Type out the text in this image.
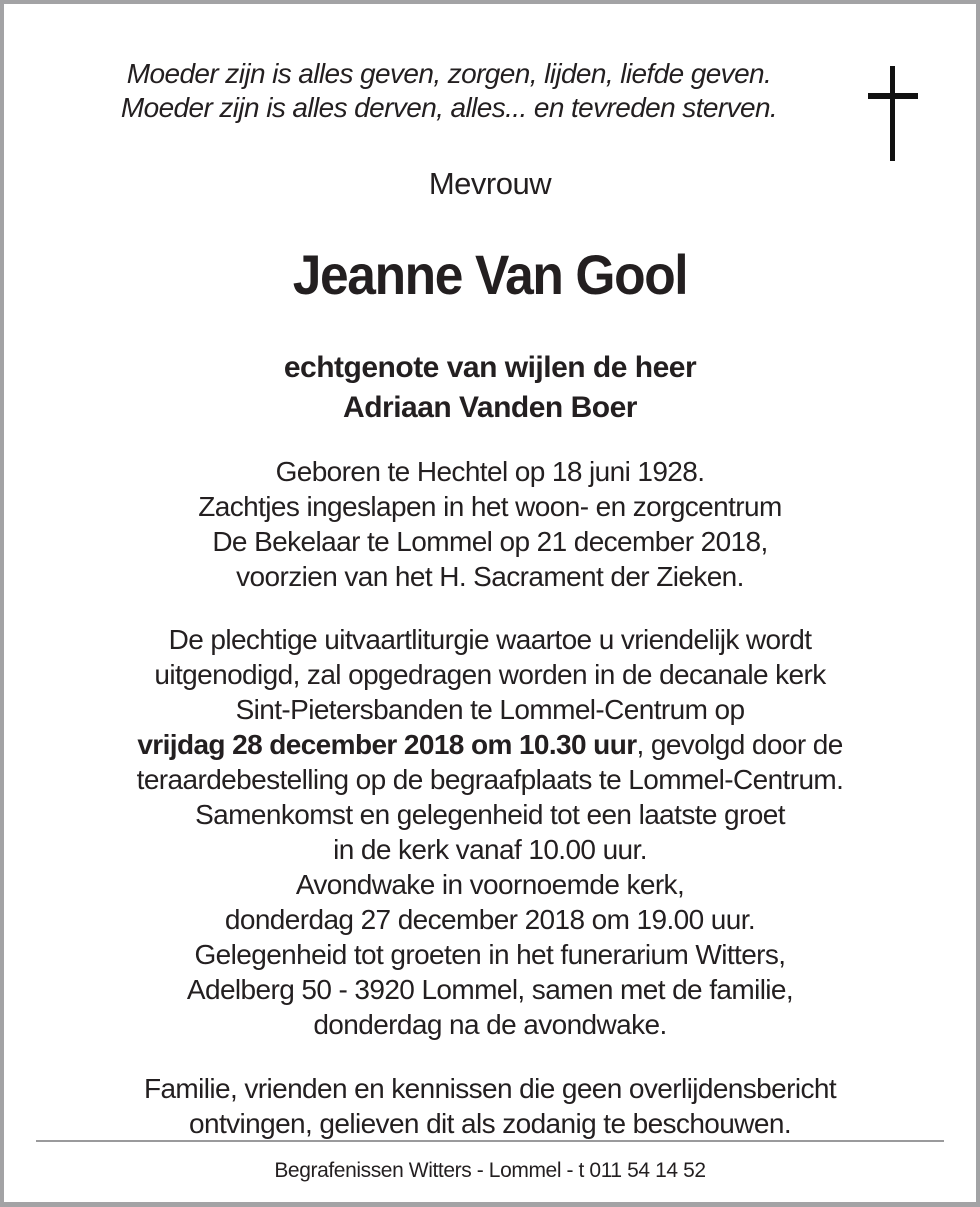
Moeder zijn is alles geven, zorgen, lijden, liefde geven.
Moeder zijn is alles derven, alles... en tevreden sterven.
Mevrouw
Jeanne Van Gool
echtgenote van wijlen de heer
Adriaan Vanden Boer
Geboren te Hechtel op 18 juni 1928.
Zachtjes ingeslapen in het woon- en zorgcentrum
De Bekelaar te Lommel op 21 december 2018,
voorzien van het H. Sacrament der Zieken.
De plechtige uitvaartliturgie waartoe u vriendelijk wordt
uitgenodigd, zal opgedragen worden in de decanale kerk
Sint-Pietersbanden te Lommel-Centrum op
vrijdag 28 december 2018 om 10.30 uur, gevolgd door de
teraardebestelling op de begraafplaats te Lommel-Centrum.
Samenkomst en gelegenheid tot een laatste groet
in de kerk vanaf 10.00 uur.
Avondwake in voornoemde kerk,
donderdag 27 december 2018 om 19.00 uur.
Gelegenheid tot groeten in het funerarium Witters,
Adelberg 50 - 3920 Lommel, samen met de familie,
donderdag na de avondwake.
Familie, vrienden en kennissen die geen overlijdensbericht
ontvingen, gelieven dit als zodanig te beschouwen.
Begrafenissen Witters - Lommel - t 011 54 14 52
